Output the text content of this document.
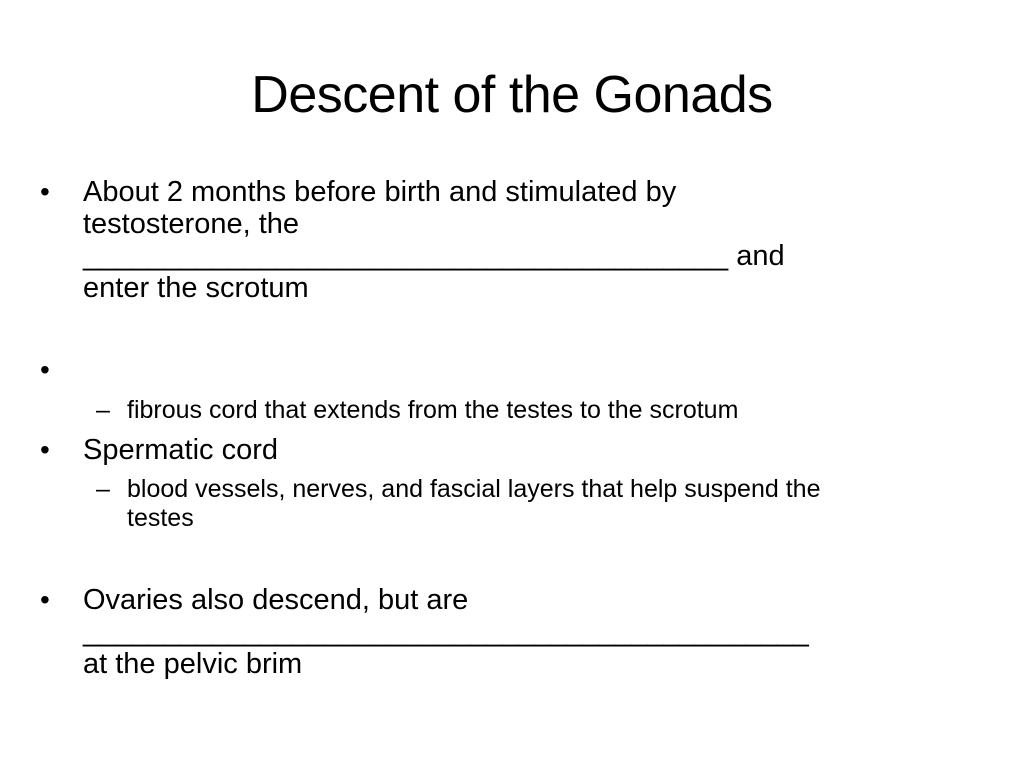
Descent of the Gonads
• About 2 months before birth and stimulated by
testosterone, the
________________________________________ and
enter the scrotum
•
– fibrous cord that extends from the testes to the scrotum
• Spermatic cord
– blood vessels, nerves, and fascial layers that help suspend the
testes
• Ovaries also descend, but are
_____________________________________________
at the pelvic brim
